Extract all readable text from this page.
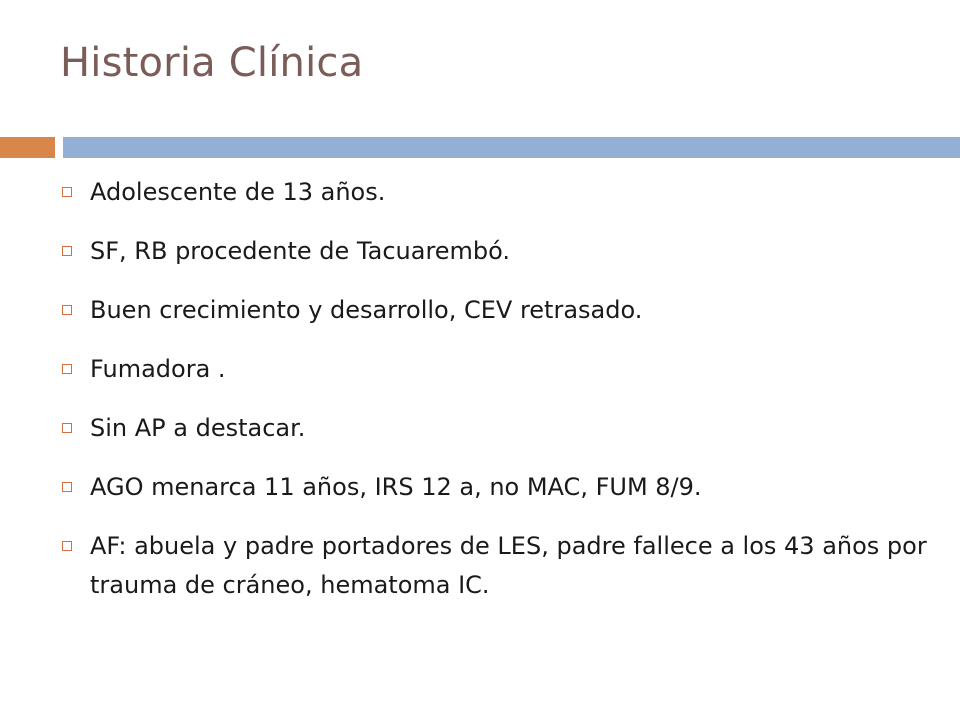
Historia Clínica
Adolescente de 13 años.
SF, RB procedente de Tacuarembó.
Buen crecimiento y desarrollo, CEV retrasado.
Fumadora .
Sin AP a destacar.
AGO menarca 11 años, IRS 12 a, no MAC, FUM 8/9.
AF: abuela y padre portadores de LES, padre fallece a los 43 años por trauma de cráneo, hematoma IC.
